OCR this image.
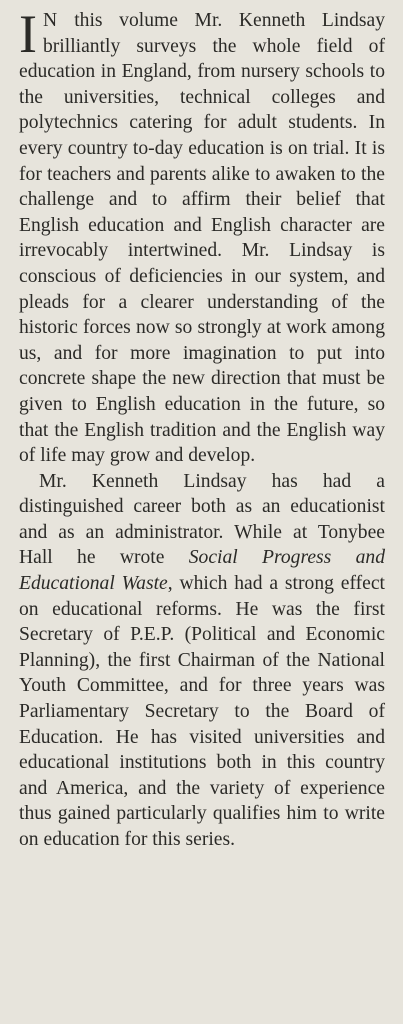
I N this volume Mr. Kenneth Lindsay brilliantly surveys the whole field of education in England, from nursery schools to the universities, technical colleges and polytechnics catering for adult students. In every country to-day education is on trial. It is for teachers and parents alike to awaken to the challenge and to affirm their belief that English education and English character are irrevocably intertwined. Mr. Lindsay is conscious of deficiencies in our system, and pleads for a clearer understanding of the historic forces now so strongly at work among us, and for more imagination to put into concrete shape the new direction that must be given to English education in the future, so that the English tradition and the English way of life may grow and develop.

Mr. Kenneth Lindsay has had a distinguished career both as an educationist and as an administrator. While at Tonybee Hall he wrote Social Progress and Educational Waste, which had a strong effect on educational reforms. He was the first Secretary of P.E.P. (Political and Economic Planning), the first Chairman of the National Youth Committee, and for three years was Parliamentary Secretary to the Board of Education. He has visited universities and educational institutions both in this country and America, and the variety of experience thus gained particularly qualifies him to write on education for this series.
